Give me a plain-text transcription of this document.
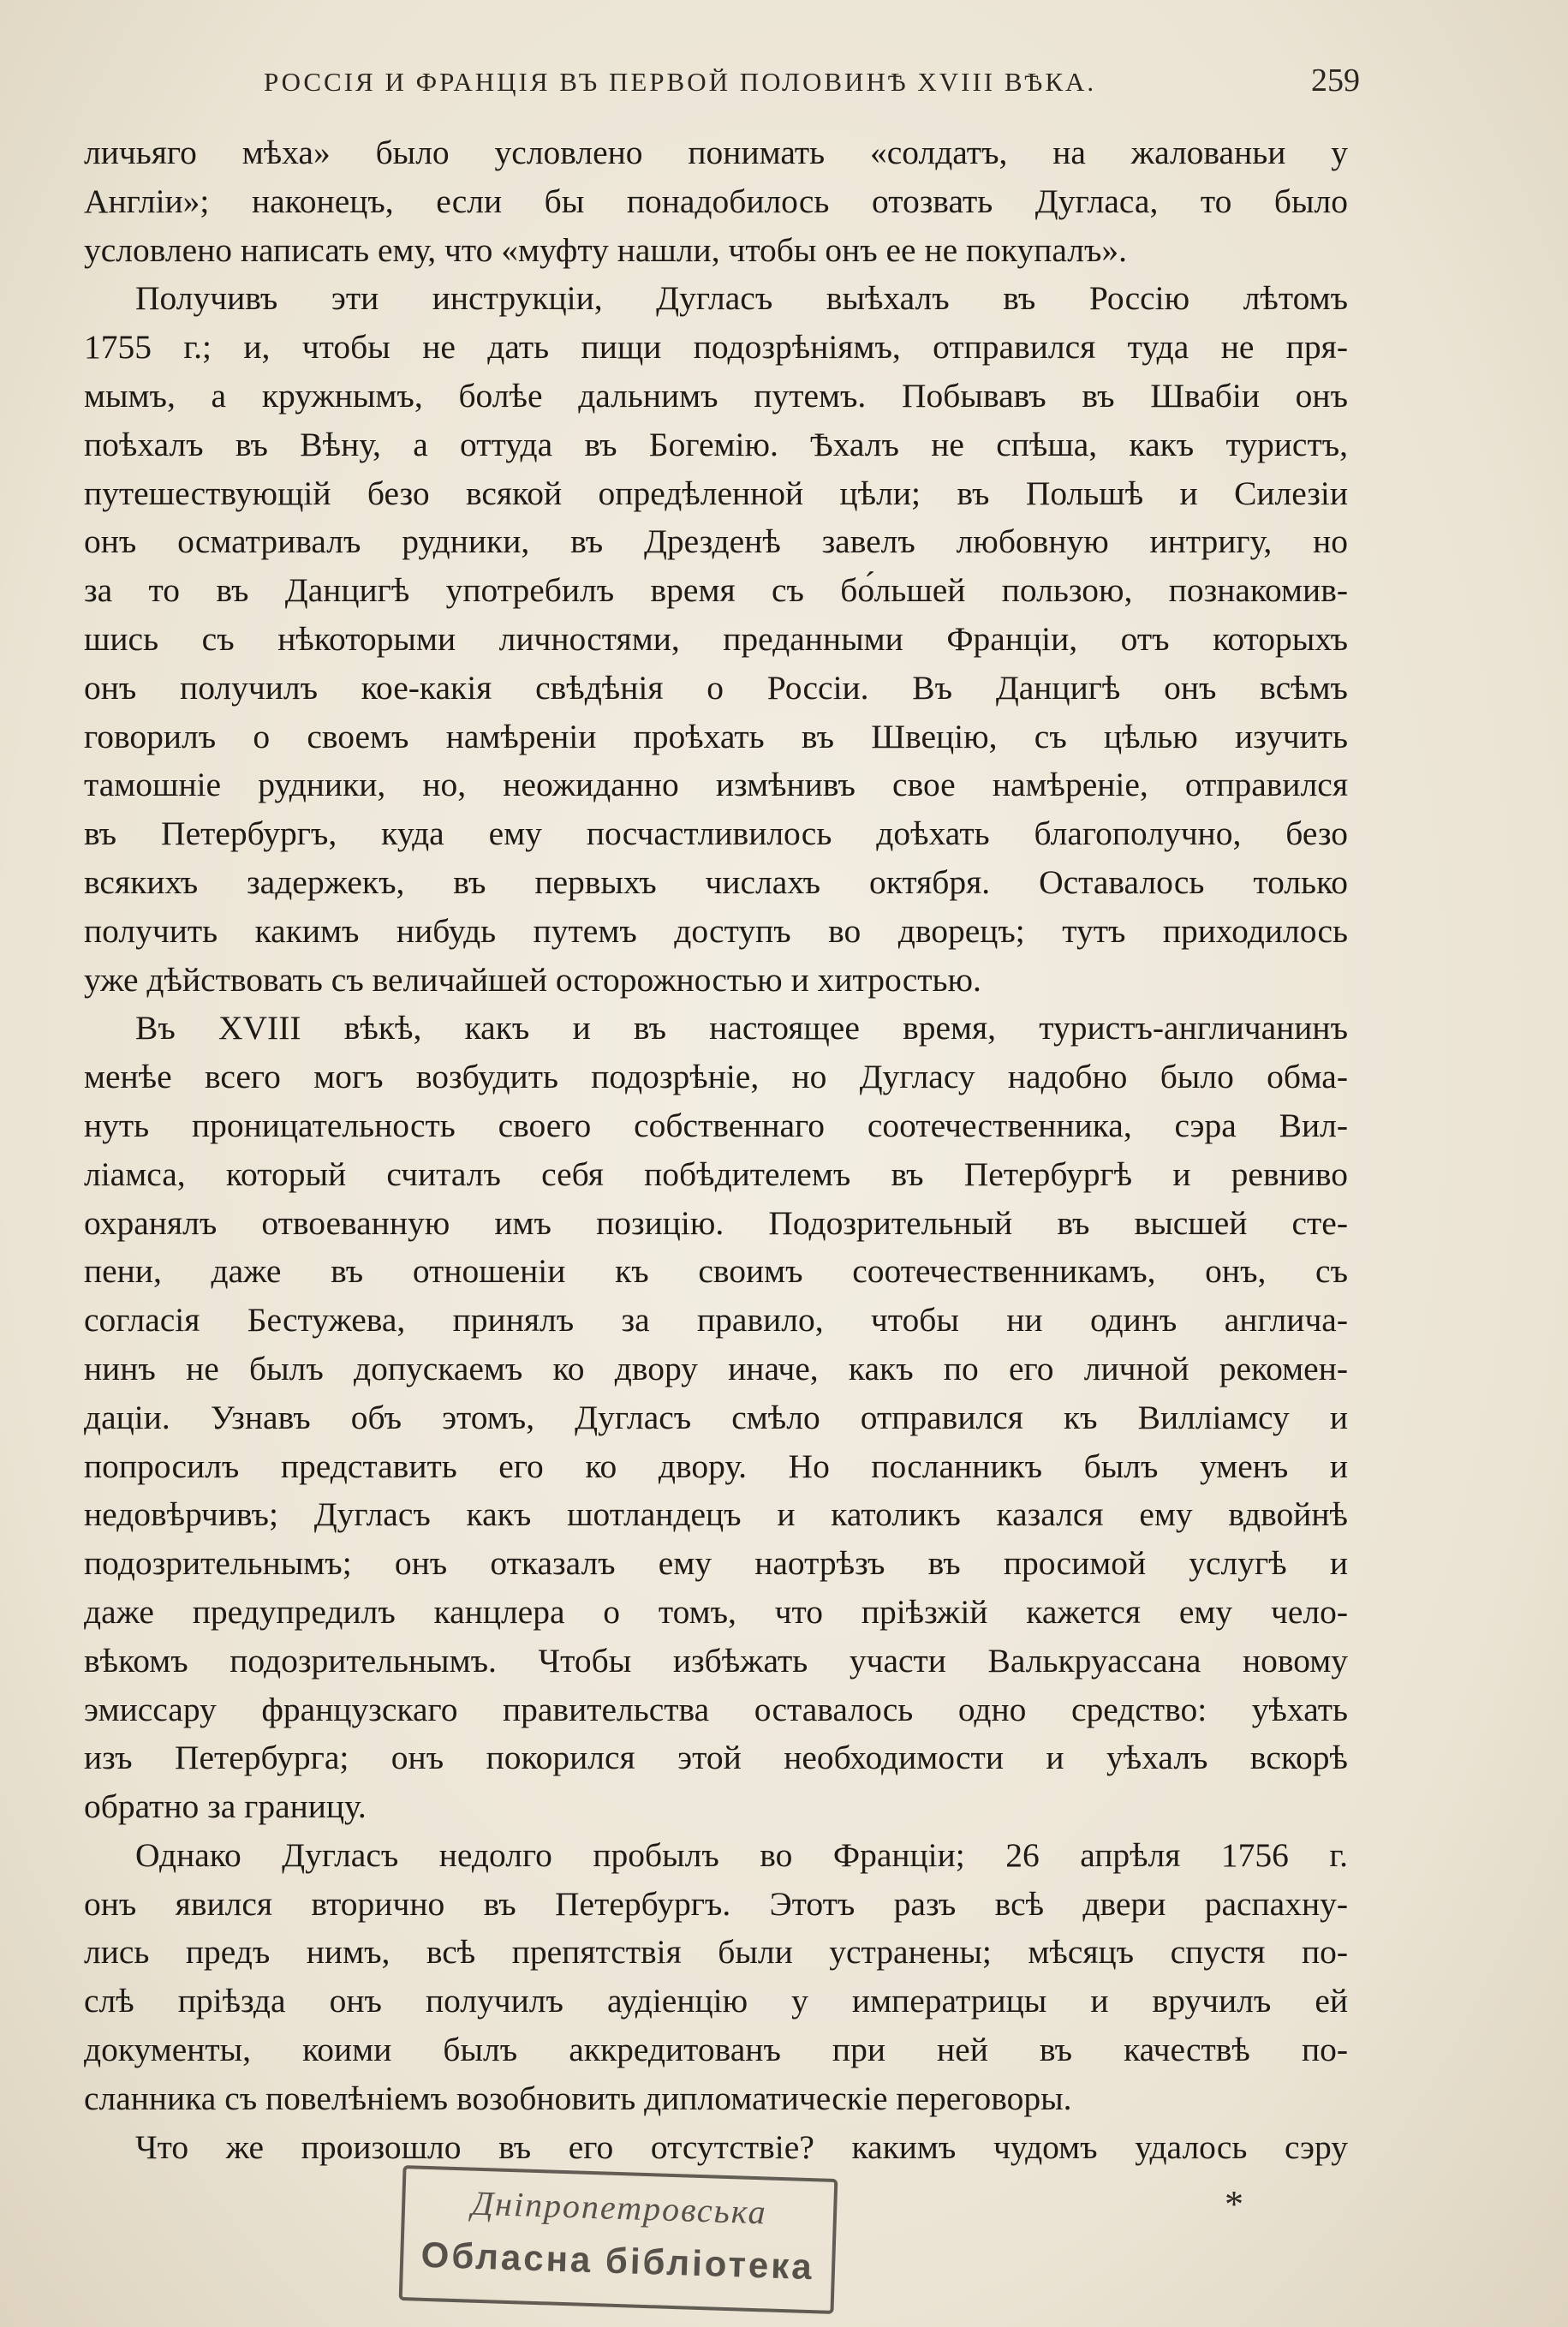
РОССІЯ И ФРАНЦІЯ ВЪ ПЕРВОЙ ПОЛОВИНѢ XVIII ВѢКА.	259

личьяго мѣха» было условлено понимать «солдатъ, на жалованьи у

Англіи»; наконецъ, если бы понадобилось отозвать Дугласа, то было

условлено написать ему, что «муфту нашли, чтобы онъ ее не покупалъ».

Получивъ эти инструкціи, Дугласъ выѣхалъ въ Россію лѣтомъ

1755 г.; и, чтобы не дать пищи подозрѣніямъ, отправился туда не пря-

мымъ, а кружнымъ, болѣе дальнимъ путемъ. Побывавъ въ Швабіи онъ

поѣхалъ въ Вѣну, а оттуда въ Богемію. Ѣхалъ не спѣша, какъ туристъ,

путешествующій безо всякой опредѣленной цѣли; въ Польшѣ и Силезіи

онъ осматривалъ рудники, въ Дрезденѣ завелъ любовную интригу, но

за то въ Данцигѣ употребилъ время съ бо́льшей пользою, познакомив-

шись съ нѣкоторыми личностями, преданными Франціи, отъ которыхъ

онъ получилъ кое-какія свѣдѣнія о Россіи. Въ Данцигѣ онъ всѣмъ

говорилъ о своемъ намѣреніи проѣхать въ Швецію, съ цѣлью изучить

тамошніе рудники, но, неожиданно измѣнивъ свое намѣреніе, отправился

въ Петербургъ, куда ему посчастливилось доѣхать благополучно, безо

всякихъ задержекъ, въ первыхъ числахъ октября. Оставалось только

получить какимъ нибудь путемъ доступъ во дворецъ; тутъ приходилось

уже дѣйствовать съ величайшей осторожностью и хитростью.

Въ XVIII вѣкѣ, какъ и въ настоящее время, туристъ-англичанинъ

менѣе всего могъ возбудить подозрѣніе, но Дугласу надобно было обма-

нуть проницательность своего собственнаго соотечественника, сэра Вил-

ліамса, который считалъ себя побѣдителемъ въ Петербургѣ и ревниво

охранялъ отвоеванную имъ позицію. Подозрительный въ высшей сте-

пени, даже въ отношеніи къ своимъ соотечественникамъ, онъ, съ

согласія Бестужева, принялъ за правило, чтобы ни одинъ англича-

нинъ не былъ допускаемъ ко двору иначе, какъ по его личной рекомен-

даціи. Узнавъ объ этомъ, Дугласъ смѣло отправился къ Вилліамсу и

попросилъ представить его ко двору. Но посланникъ былъ уменъ и

недовѣрчивъ; Дугласъ какъ шотландецъ и католикъ казался ему вдвойнѣ

подозрительнымъ; онъ отказалъ ему наотрѣзъ въ просимой услугѣ и

даже предупредилъ канцлера о томъ, что пріѣзжій кажется ему чело-

вѣкомъ подозрительнымъ. Чтобы избѣжать участи Валькруассана новому

эмиссару французскаго правительства оставалось одно средство: уѣхать

изъ Петербурга; онъ покорился этой необходимости и уѣхалъ вскорѣ

обратно за границу.

Однако Дугласъ недолго пробылъ во Франціи; 26 апрѣля 1756 г.

онъ явился вторично въ Петербургъ. Этотъ разъ всѣ двери распахну-

лись предъ нимъ, всѣ препятствія были устранены; мѣсяцъ спустя по-

слѣ пріѣзда онъ получилъ аудіенцію у императрицы и вручилъ ей

документы, коими былъ аккредитованъ при ней въ качествѣ по-

сланника съ повелѣніемъ возобновить дипломатическіе переговоры.

Что же произошло въ его отсутствіе? какимъ чудомъ удалось сэру

Днiпропетровська
Обласна бiблiотека
*
